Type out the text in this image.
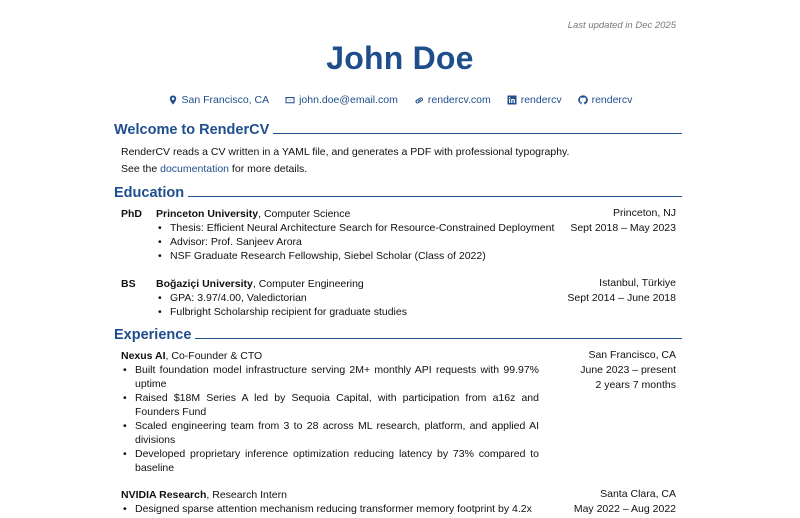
Last updated in Dec 2025
John Doe
San Francisco, CA	john.doe@email.com	rendercv.com	rendercv	rendercv
Welcome to RenderCV
RenderCV reads a CV written in a YAML file, and generates a PDF with professional typography.
See the documentation for more details.
Education
PhD Princeton University, Computer Science	Princeton, NJ
Sept 2018 – May 2023
• Thesis: Efficient Neural Architecture Search for Resource-Constrained Deployment
• Advisor: Prof. Sanjeev Arora
• NSF Graduate Research Fellowship, Siebel Scholar (Class of 2022)
BS Boğaziçi University, Computer Engineering	Istanbul, Türkiye
Sept 2014 – June 2018
• GPA: 3.97/4.00, Valedictorian
• Fulbright Scholarship recipient for graduate studies
Experience
Nexus AI, Co-Founder & CTO	San Francisco, CA
June 2023 – present
2 years 7 months
• Built foundation model infrastructure serving 2M+ monthly API requests with 99.97% uptime
• Raised $18M Series A led by Sequoia Capital, with participation from a16z and Founders Fund
• Scaled engineering team from 3 to 28 across ML research, platform, and applied AI divisions
• Developed proprietary inference optimization reducing latency by 73% compared to baseline
NVIDIA Research, Research Intern	Santa Clara, CA
May 2022 – Aug 2022
• Designed sparse attention mechanism reducing transformer memory footprint by 4.2x
